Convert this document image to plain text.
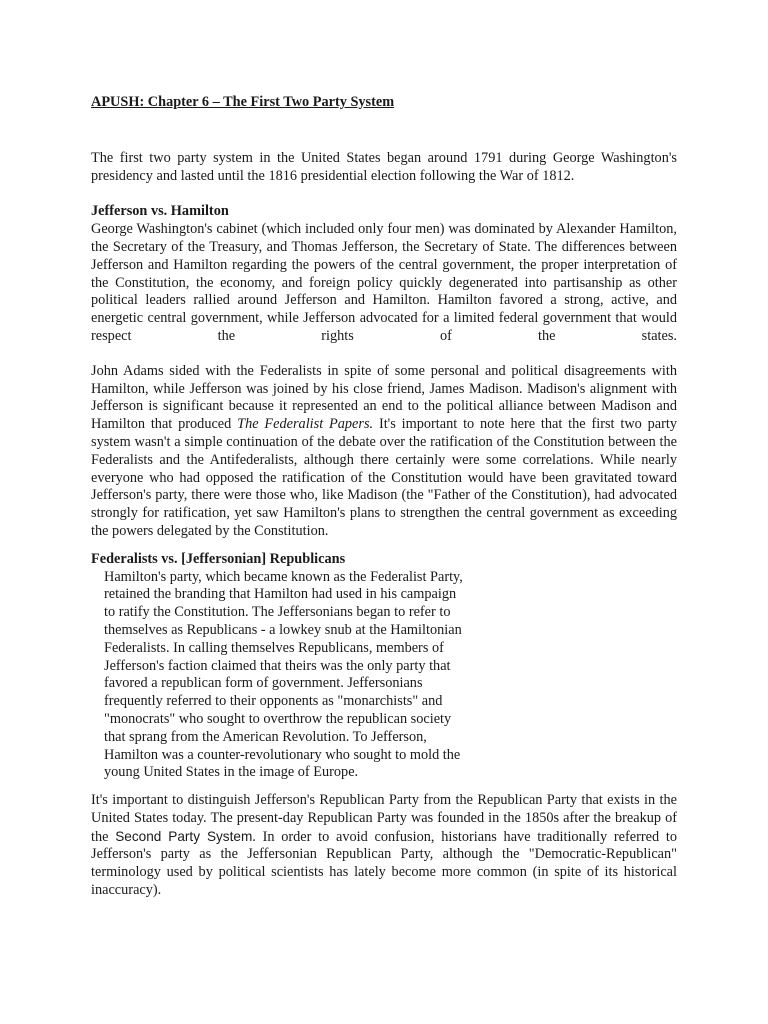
APUSH: Chapter 6 – The First Two Party System

The first two party system in the United States began around 1791 during George Washington's presidency and lasted until the 1816 presidential election following the War of 1812.

Jefferson vs. Hamilton

George Washington's cabinet (which included only four men) was dominated by Alexander Hamilton, the Secretary of the Treasury, and Thomas Jefferson, the Secretary of State. The differences between Jefferson and Hamilton regarding the powers of the central government, the proper interpretation of the Constitution, the economy, and foreign policy quickly degenerated into partisanship as other political leaders rallied around Jefferson and Hamilton. Hamilton favored a strong, active, and energetic central government, while Jefferson advocated for a limited federal government that would respect the rights of the states.

John Adams sided with the Federalists in spite of some personal and political disagreements with Hamilton, while Jefferson was joined by his close friend, James Madison. Madison's alignment with Jefferson is significant because it represented an end to the political alliance between Madison and Hamilton that produced The Federalist Papers. It's important to note here that the first two party system wasn't a simple continuation of the debate over the ratification of the Constitution between the Federalists and the Antifederalists, although there certainly were some correlations. While nearly everyone who had opposed the ratification of the Constitution would have been gravitated toward Jefferson's party, there were those who, like Madison (the "Father of the Constitution), had advocated strongly for ratification, yet saw Hamilton's plans to strengthen the central government as exceeding the powers delegated by the Constitution.

Federalists vs. [Jeffersonian] Republicans

Hamilton's party, which became known as the Federalist Party, retained the branding that Hamilton had used in his campaign to ratify the Constitution. The Jeffersonians began to refer to themselves as Republicans - a lowkey snub at the Hamiltonian Federalists. In calling themselves Republicans, members of Jefferson's faction claimed that theirs was the only party that favored a republican form of government. Jeffersonians frequently referred to their opponents as "monarchists" and "monocrats" who sought to overthrow the republican society that sprang from the American Revolution. To Jefferson, Hamilton was a counter-revolutionary who sought to mold the young United States in the image of Europe.

It's important to distinguish Jefferson's Republican Party from the Republican Party that exists in the United States today. The present-day Republican Party was founded in the 1850s after the breakup of the Second Party System. In order to avoid confusion, historians have traditionally referred to Jefferson's party as the Jeffersonian Republican Party, although the "Democratic-Republican" terminology used by political scientists has lately become more common (in spite of its historical inaccuracy).
